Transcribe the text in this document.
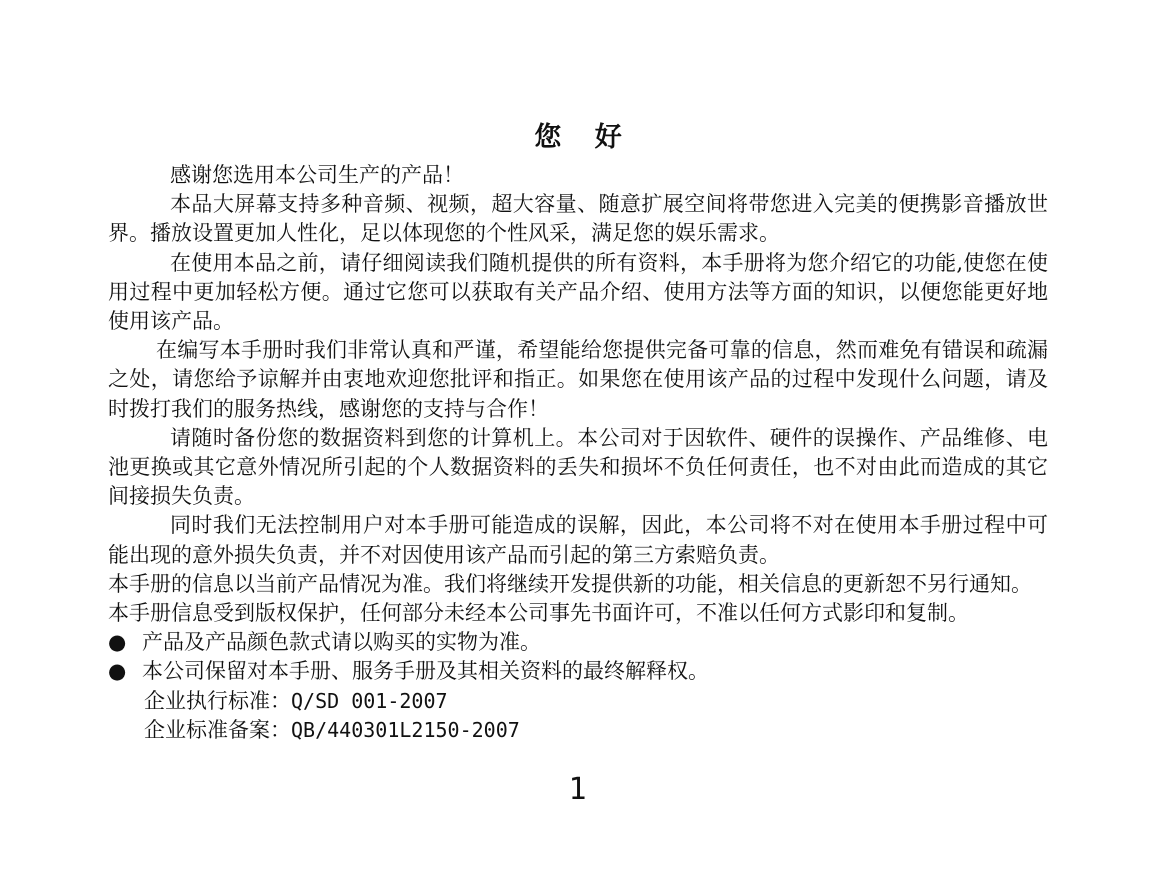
您 好

感谢您选用本公司生产的产品！

本品大屏幕支持多种音频、视频，超大容量、随意扩展空间将带您进入完美的便携影音播放世界。播放设置更加人性化，足以体现您的个性风采，满足您的娱乐需求。

在使用本品之前，请仔细阅读我们随机提供的所有资料，本手册将为您介绍它的功能,使您在使用过程中更加轻松方便。通过它您可以获取有关产品介绍、使用方法等方面的知识，以便您能更好地使用该产品。

在编写本手册时我们非常认真和严谨，希望能给您提供完备可靠的信息，然而难免有错误和疏漏之处，请您给予谅解并由衷地欢迎您批评和指正。如果您在使用该产品的过程中发现什么问题，请及时拨打我们的服务热线，感谢您的支持与合作！

请随时备份您的数据资料到您的计算机上。本公司对于因软件、硬件的误操作、产品维修、电池更换或其它意外情况所引起的个人数据资料的丢失和损坏不负任何责任，也不对由此而造成的其它间接损失负责。

同时我们无法控制用户对本手册可能造成的误解，因此，本公司将不对在使用本手册过程中可能出现的意外损失负责，并不对因使用该产品而引起的第三方索赔负责。

本手册的信息以当前产品情况为准。我们将继续开发提供新的功能，相关信息的更新恕不另行通知。

本手册信息受到版权保护，任何部分未经本公司事先书面许可，不准以任何方式影印和复制。

● 产品及产品颜色款式请以购买的实物为准。
● 本公司保留对本手册、服务手册及其相关资料的最终解释权。
企业执行标准：Q/SD 001-2007
企业标准备案：QB/440301L2150-2007
1
